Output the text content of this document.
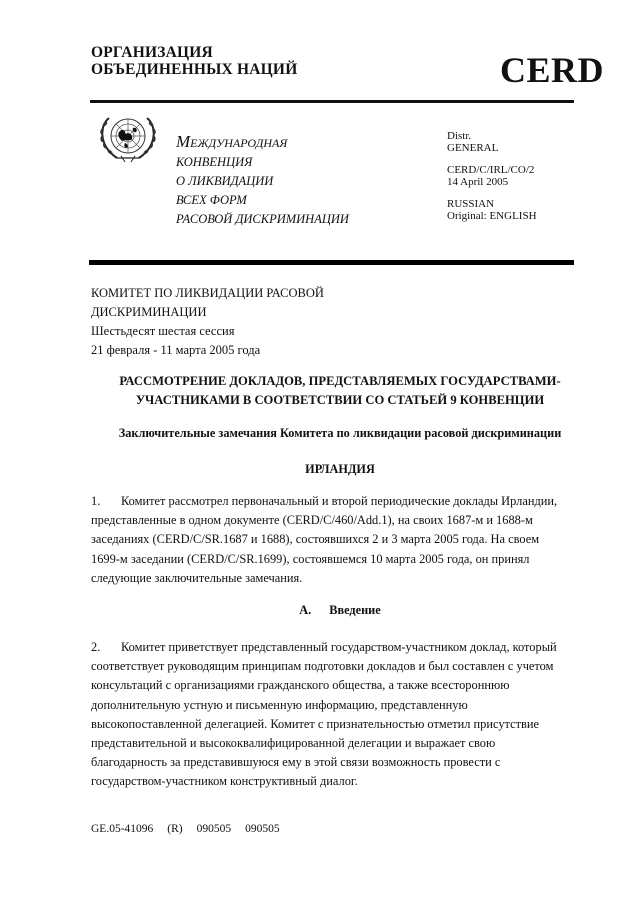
ОРГАНИЗАЦИЯ
ОБЪЕДИНЕННЫХ НАЦИЙ	CERD
МЕЖДУНАРОДНАЯ
КОНВЕНЦИЯ
О ЛИКВИДАЦИИ
ВСЕХ ФОРМ
РАСОВОЙ ДИСКРИМИНАЦИИ
Distr.
GENERAL
CERD/C/IRL/CO/2
14 April 2005
RUSSIAN
Original: ENGLISH
КОМИТЕТ ПО ЛИКВИДАЦИИ РАСОВОЙ
ДИСКРИМИНАЦИИ
Шестьдесят шестая сессия
21 февраля - 11 марта 2005 года
РАССМОТРЕНИЕ ДОКЛАДОВ, ПРЕДСТАВЛЯЕМЫХ ГОСУДАРСТВАМИ-
УЧАСТНИКАМИ В СООТВЕТСТВИИ СО СТАТЬЕЙ 9 КОНВЕНЦИИ
Заключительные замечания Комитета по ликвидации расовой дискриминации
ИРЛАНДИЯ
1. Комитет рассмотрел первоначальный и второй периодические доклады Ирландии,
представленные в одном документе (CERD/C/460/Add.1), на своих 1687-м и 1688-м
заседаниях (CERD/C/SR.1687 и 1688), состоявшихся 2 и 3 марта 2005 года. На своем
1699-м заседании (CERD/C/SR.1699), состоявшемся 10 марта 2005 года, он принял
следующие заключительные замечания.
A. Введение
2. Комитет приветствует представленный государством-участником доклад, который
соответствует руководящим принципам подготовки докладов и был составлен с учетом
консультаций с организациями гражданского общества, а также всестороннюю
дополнительную устную и письменную информацию, представленную
высокопоставленной делегацией. Комитет с признательностью отметил присутствие
представительной и высококвалифицированной делегации и выражает свою
благодарность за представившуюся ему в этой связи возможность провести с
государством-участником конструктивный диалог.
GE.05-41096 (R) 090505 090505
